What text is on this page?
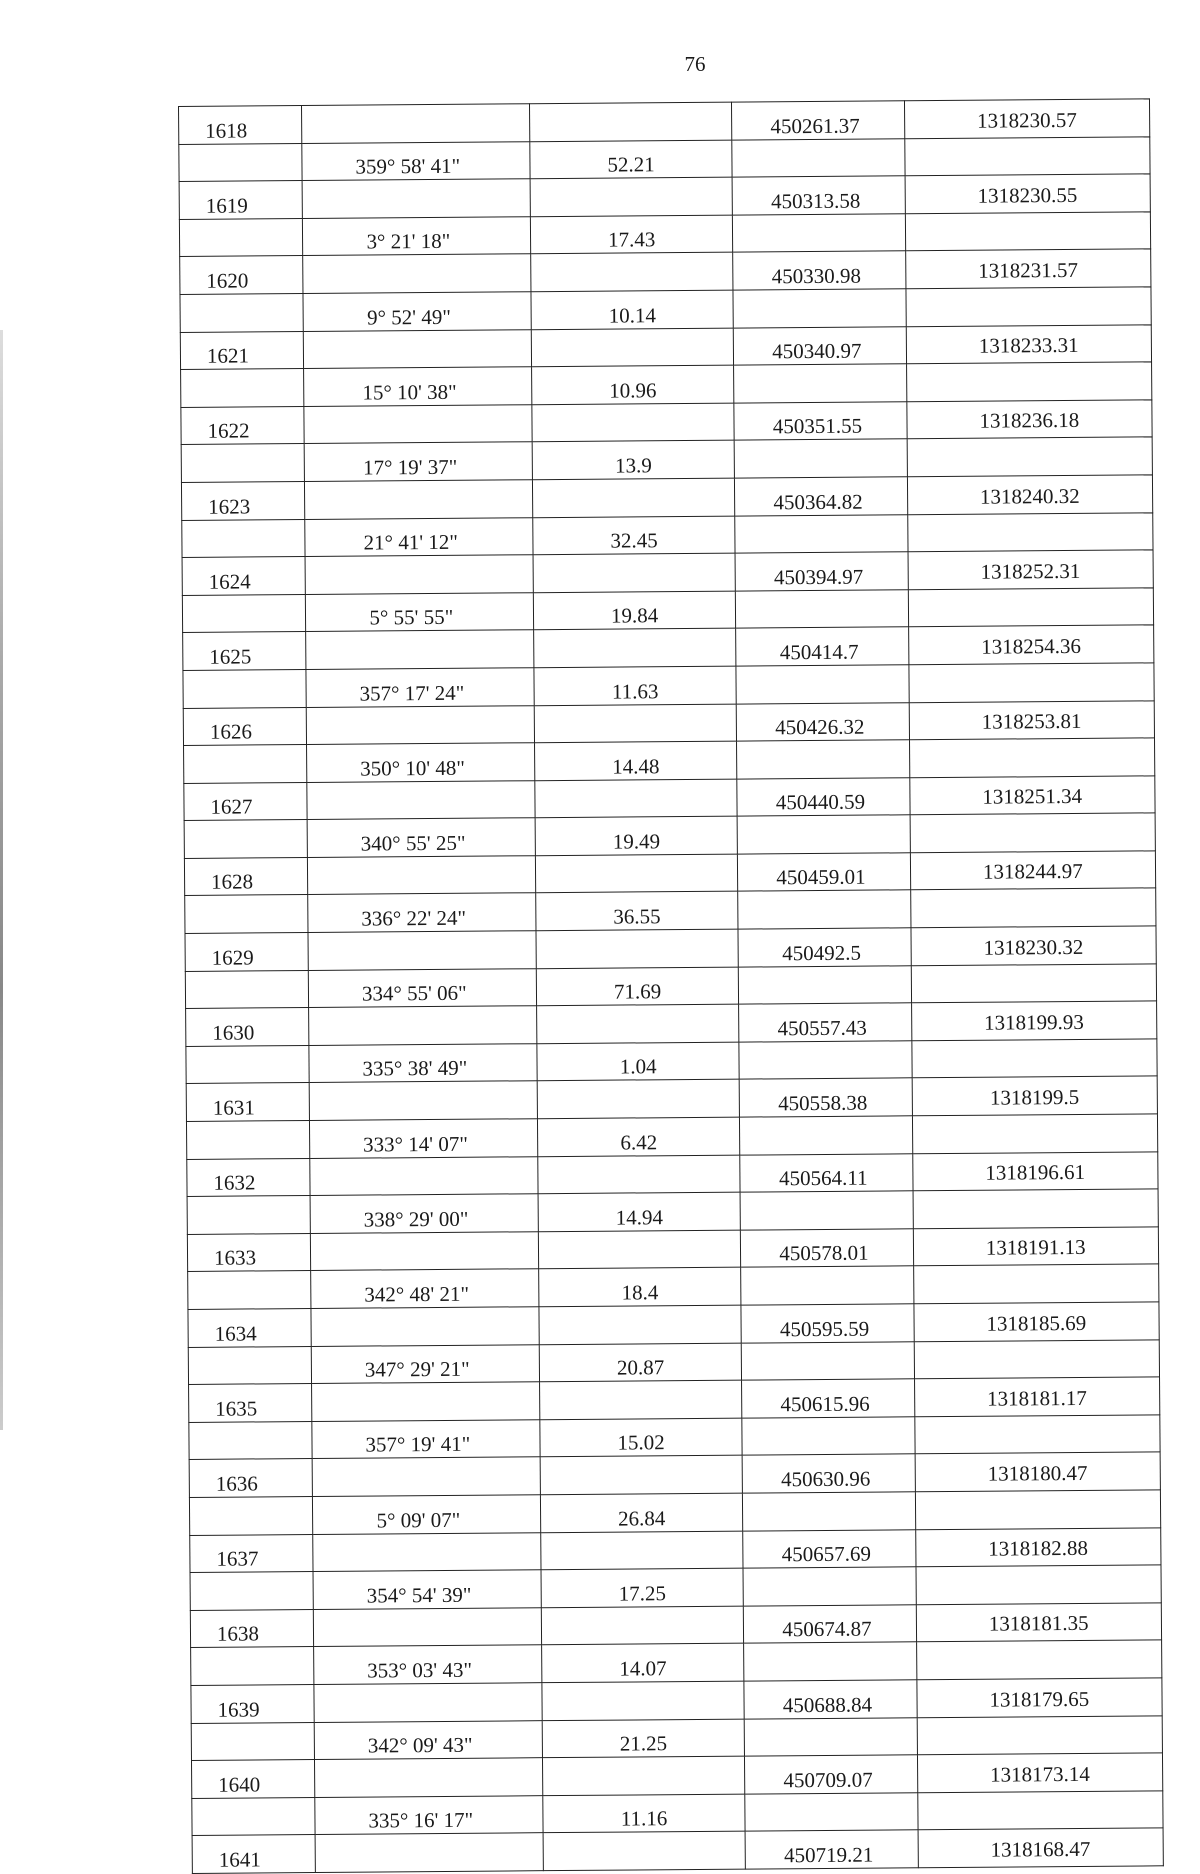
76
1618			450261.37	1318230.57
	359° 58' 41"	52.21		
1619			450313.58	1318230.55
	3° 21' 18"	17.43		
1620			450330.98	1318231.57
	9° 52' 49"	10.14		
1621			450340.97	1318233.31
	15° 10' 38"	10.96		
1622			450351.55	1318236.18
	17° 19' 37"	13.9		
1623			450364.82	1318240.32
	21° 41' 12"	32.45		
1624			450394.97	1318252.31
	5° 55' 55"	19.84		
1625			450414.7	1318254.36
	357° 17' 24"	11.63		
1626			450426.32	1318253.81
	350° 10' 48"	14.48		
1627			450440.59	1318251.34
	340° 55' 25"	19.49		
1628			450459.01	1318244.97
	336° 22' 24"	36.55		
1629			450492.5	1318230.32
	334° 55' 06"	71.69		
1630			450557.43	1318199.93
	335° 38' 49"	1.04		
1631			450558.38	1318199.5
	333° 14' 07"	6.42		
1632			450564.11	1318196.61
	338° 29' 00"	14.94		
1633			450578.01	1318191.13
	342° 48' 21"	18.4		
1634			450595.59	1318185.69
	347° 29' 21"	20.87		
1635			450615.96	1318181.17
	357° 19' 41"	15.02		
1636			450630.96	1318180.47
	5° 09' 07"	26.84		
1637			450657.69	1318182.88
	354° 54' 39"	17.25		
1638			450674.87	1318181.35
	353° 03' 43"	14.07		
1639			450688.84	1318179.65
	342° 09' 43"	21.25		
1640			450709.07	1318173.14
	335° 16' 17"	11.16		
1641			450719.21	1318168.47
